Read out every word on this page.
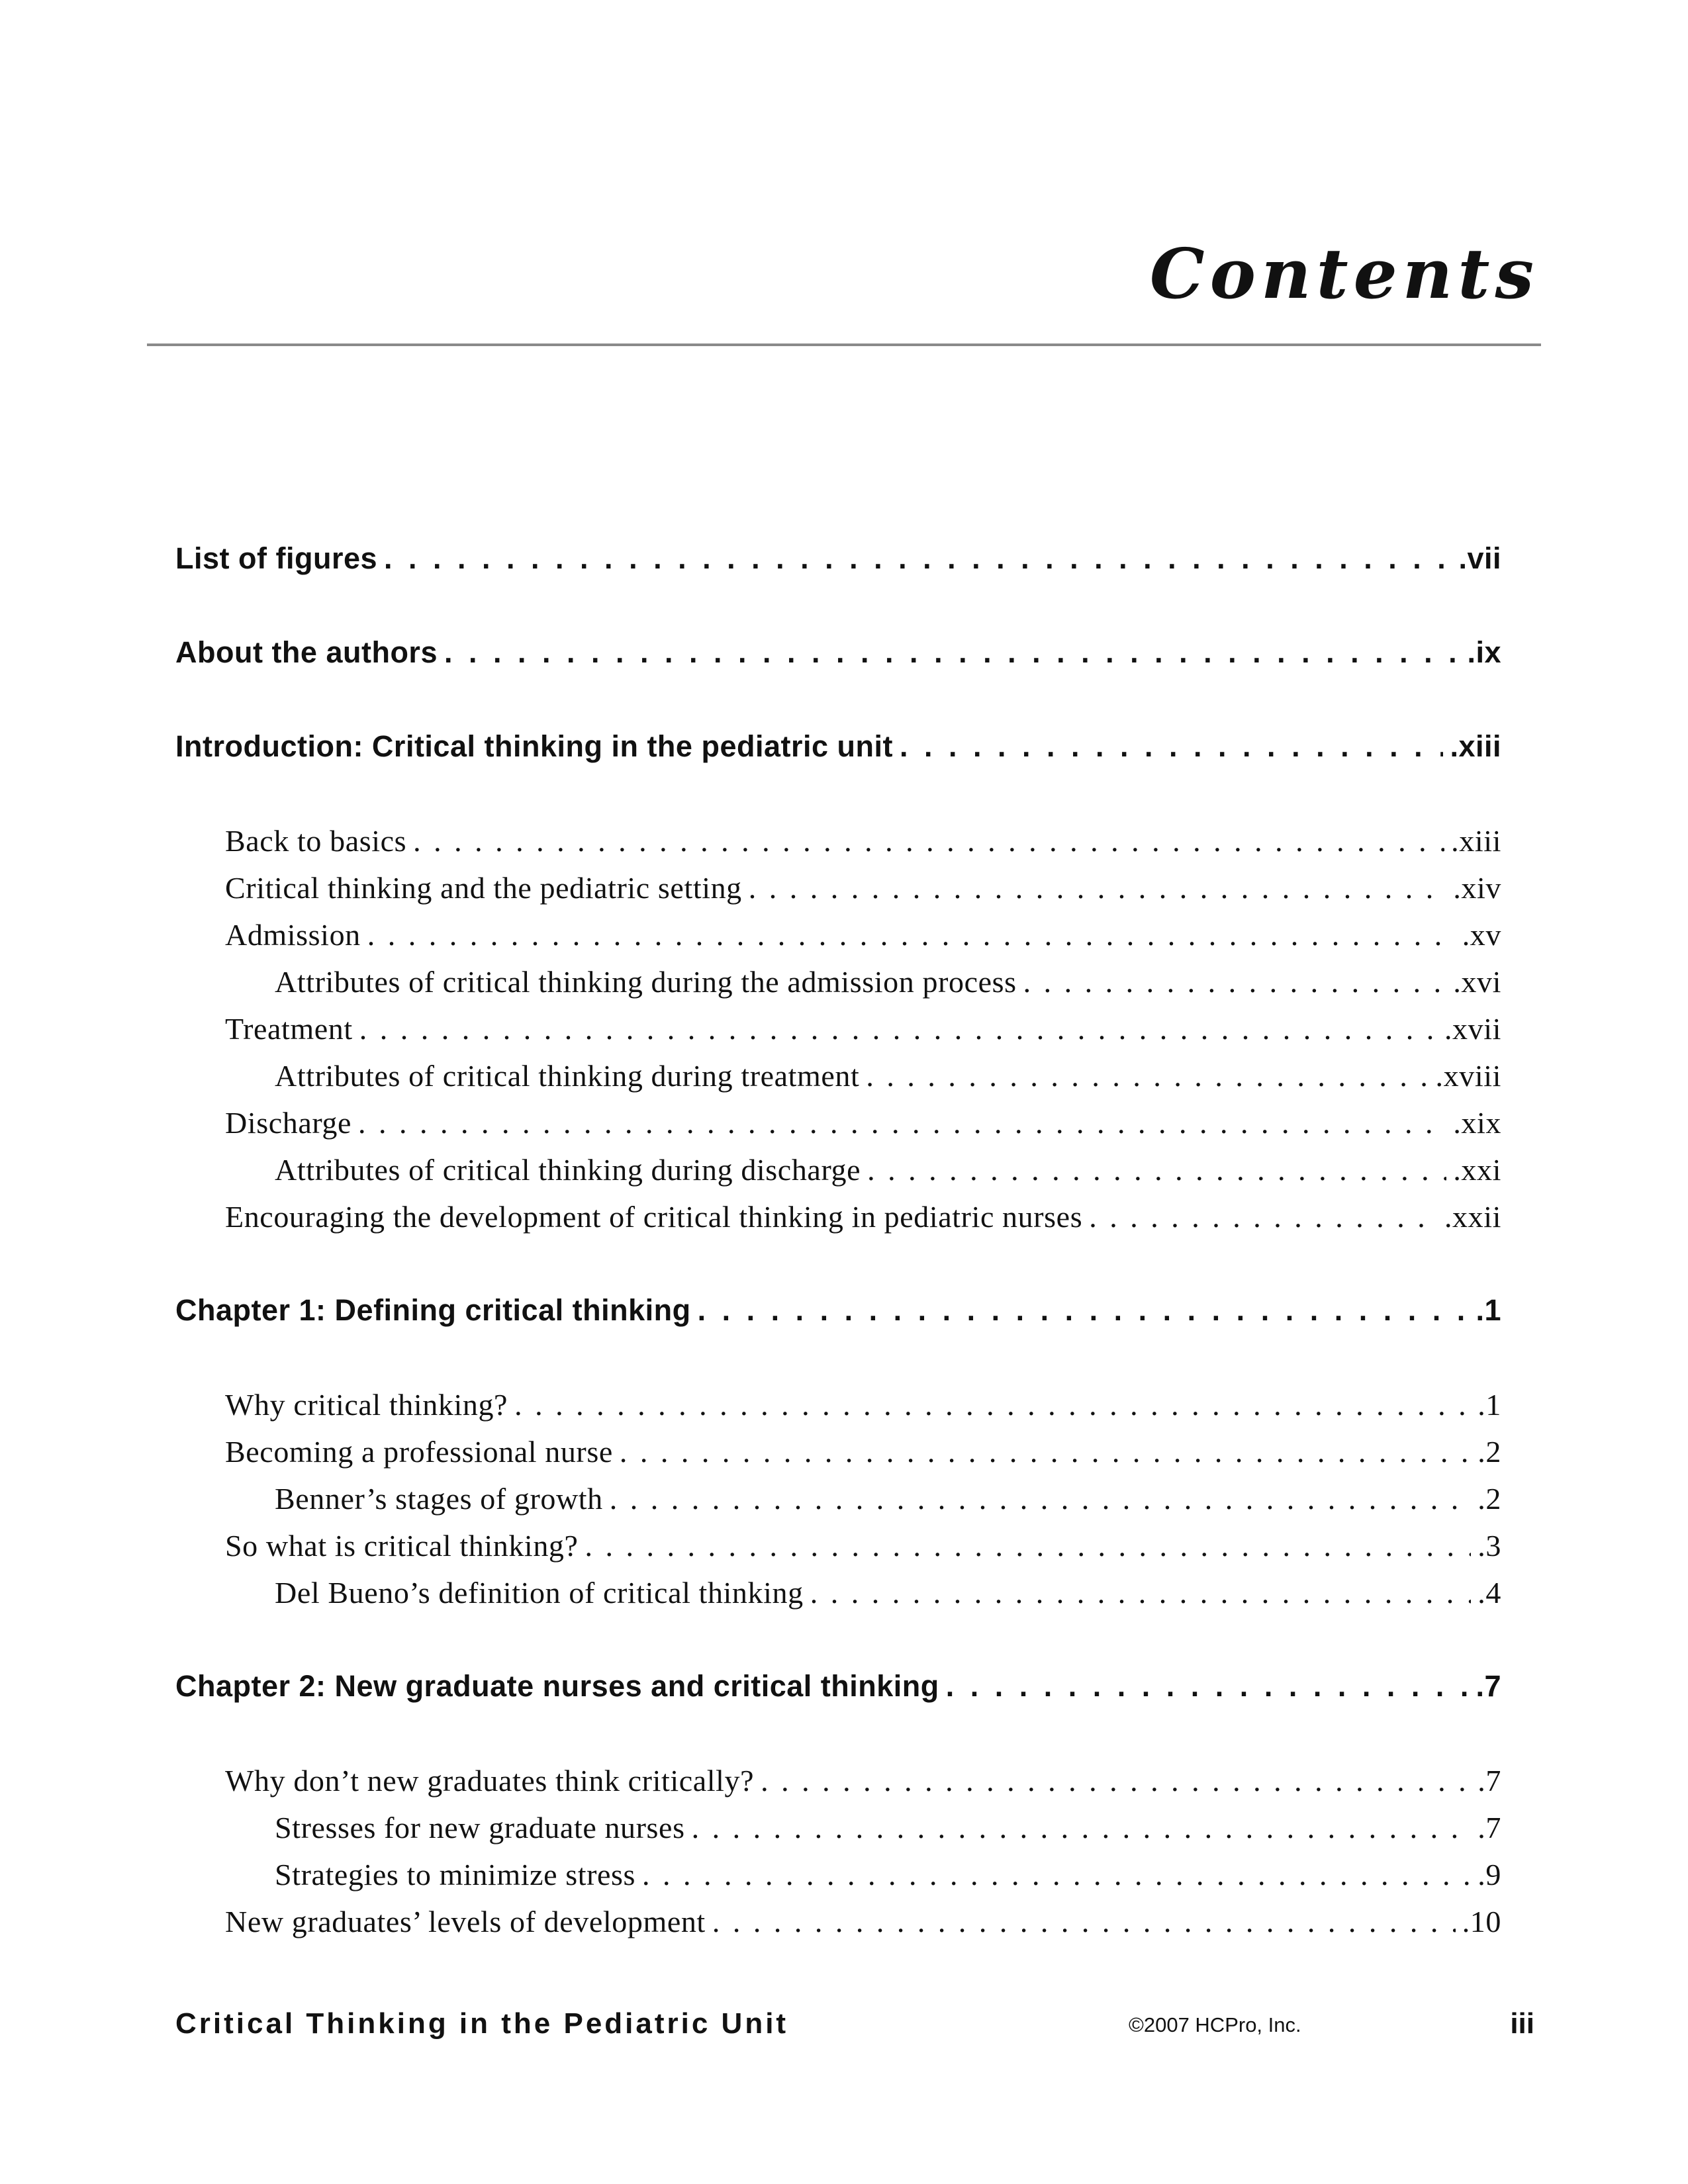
Contents
List of figures . . .	.vii
About the authors . . .	.ix
Introduction: Critical thinking in the pediatric unit . . .	.xiii
Back to basics . . .	.xiii
Critical thinking and the pediatric setting . . .	.xiv
Admission . . .	.xv
Attributes of critical thinking during the admission process . . .	.xvi
Treatment . . .	.xvii
Attributes of critical thinking during treatment . . .	.xviii
Discharge . . .	.xix
Attributes of critical thinking during discharge . . .	.xxi
Encouraging the development of critical thinking in pediatric nurses . . .	.xxii
Chapter 1: Defining critical thinking . . .	.1
Why critical thinking? . . .	.1
Becoming a professional nurse . . .	.2
Benner’s stages of growth . . .	.2
So what is critical thinking? . . .	.3
Del Bueno’s definition of critical thinking . . .	.4
Chapter 2: New graduate nurses and critical thinking . . .	.7
Why don’t new graduates think critically? . . .	.7
Stresses for new graduate nurses . . .	.7
Strategies to minimize stress . . .	.9
New graduates’ levels of development . . .	.10
Critical Thinking in the Pediatric Unit	©2007 HCPro, Inc.	iii
